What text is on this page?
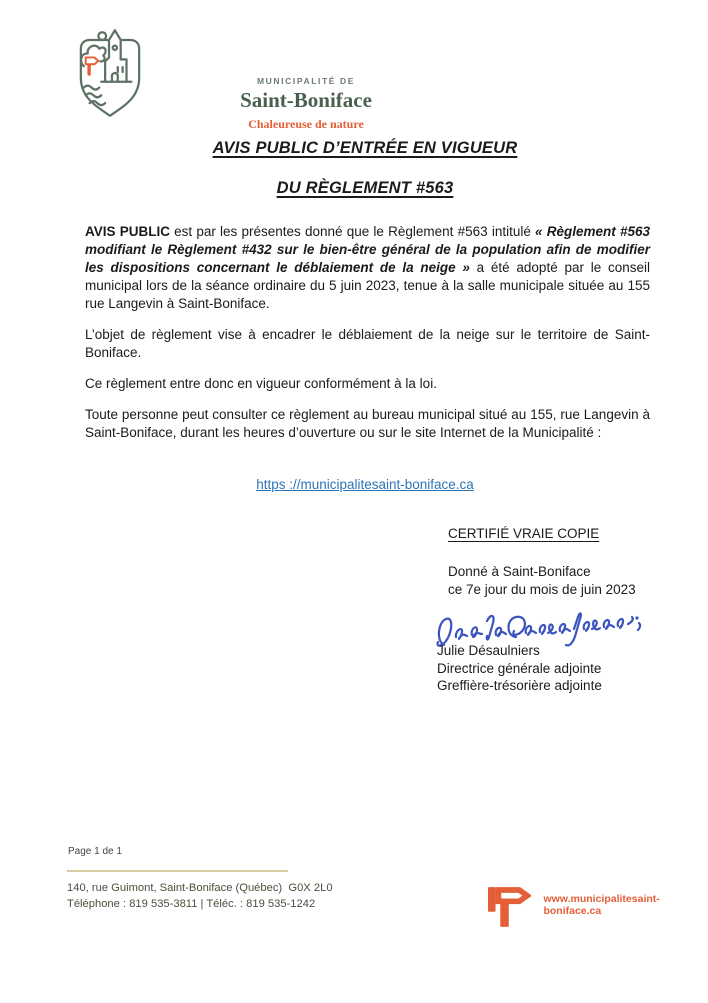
MUNICIPALITÉ DE
Saint-Boniface
Chaleureuse de nature
AVIS PUBLIC D’ENTRÉE EN VIGUEUR
DU RÈGLEMENT #563

AVIS PUBLIC est par les présentes donné que le Règlement #563 intitulé « Règlement #563 modifiant le Règlement #432 sur le bien-être général de la population afin de modifier les dispositions concernant le déblaiement de la neige » a été adopté par le conseil municipal lors de la séance ordinaire du 5 juin 2023, tenue à la salle municipale située au 155 rue Langevin à Saint-Boniface.

L’objet de règlement vise à encadrer le déblaiement de la neige sur le territoire de Saint-Boniface.

Ce règlement entre donc en vigueur conformément à la loi.

Toute personne peut consulter ce règlement au bureau municipal situé au 155, rue Langevin à Saint-Boniface, durant les heures d’ouverture ou sur le site Internet de la Municipalité :

https ://municipalitesaint-boniface.ca
CERTIFIÉ VRAIE COPIE
Donné à Saint-Boniface
ce 7e jour du mois de juin 2023
Julie Désaulniers
Directrice générale adjointe
Greffière-trésorière adjointe
Page 1 de 1
140, rue Guimont, Saint-Boniface (Québec)  G0X 2L0
Téléphone : 819 535-3811 | Téléc. : 819 535-1242	www.municipalitesaint-boniface.ca
